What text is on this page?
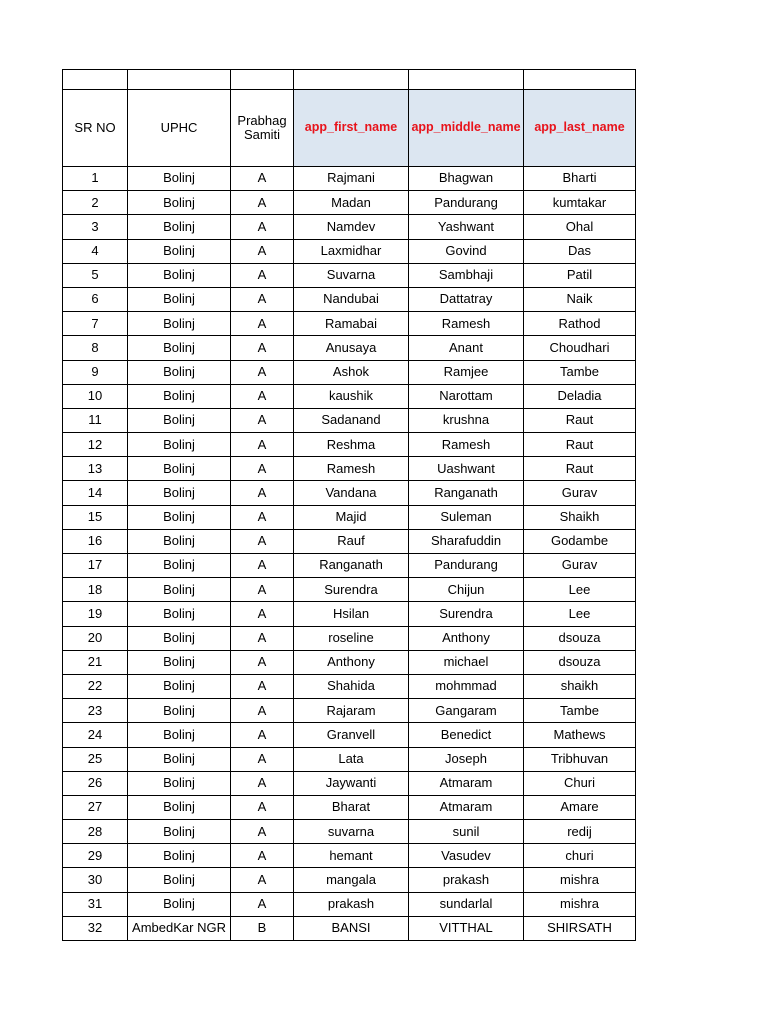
SR NO	UPHC	Prabhag Samiti	app_first_name	app_middle_name	app_last_name
1	Bolinj	A	Rajmani	Bhagwan	Bharti
2	Bolinj	A	Madan	Pandurang	kumtakar
3	Bolinj	A	Namdev	Yashwant	Ohal
4	Bolinj	A	Laxmidhar	Govind	Das
5	Bolinj	A	Suvarna	Sambhaji	Patil
6	Bolinj	A	Nandubai	Dattatray	Naik
7	Bolinj	A	Ramabai	Ramesh	Rathod
8	Bolinj	A	Anusaya	Anant	Choudhari
9	Bolinj	A	Ashok	Ramjee	Tambe
10	Bolinj	A	kaushik	Narottam	Deladia
11	Bolinj	A	Sadanand	krushna	Raut
12	Bolinj	A	Reshma	Ramesh	Raut
13	Bolinj	A	Ramesh	Uashwant	Raut
14	Bolinj	A	Vandana	Ranganath	Gurav
15	Bolinj	A	Majid	Suleman	Shaikh
16	Bolinj	A	Rauf	Sharafuddin	Godambe
17	Bolinj	A	Ranganath	Pandurang	Gurav
18	Bolinj	A	Surendra	Chijun	Lee
19	Bolinj	A	Hsilan	Surendra	Lee
20	Bolinj	A	roseline	Anthony	dsouza
21	Bolinj	A	Anthony	michael	dsouza
22	Bolinj	A	Shahida	mohmmad	shaikh
23	Bolinj	A	Rajaram	Gangaram	Tambe
24	Bolinj	A	Granvell	Benedict	Mathews
25	Bolinj	A	Lata	Joseph	Tribhuvan
26	Bolinj	A	Jaywanti	Atmaram	Churi
27	Bolinj	A	Bharat	Atmaram	Amare
28	Bolinj	A	suvarna	sunil	redij
29	Bolinj	A	hemant	Vasudev	churi
30	Bolinj	A	mangala	prakash	mishra
31	Bolinj	A	prakash	sundarlal	mishra
32	AmbedKar NGR	B	BANSI	VITTHAL	SHIRSATH
